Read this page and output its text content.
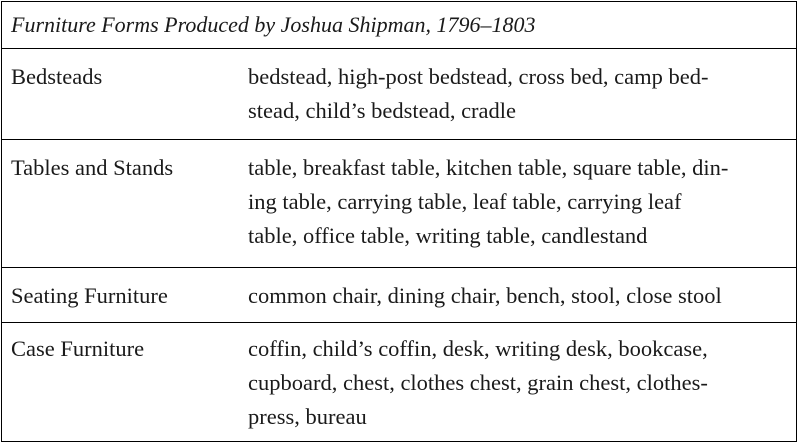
Furniture Forms Produced by Joshua Shipman, 1796–1803
Bedsteads	bedstead, high-post bedstead, cross bed, camp bed-
stead, child’s bedstead, cradle
Tables and Stands	table, breakfast table, kitchen table, square table, din-
ing table, carrying table, leaf table, carrying leaf
table, office table, writing table, candlestand
Seating Furniture	common chair, dining chair, bench, stool, close stool
Case Furniture	coffin, child’s coffin, desk, writing desk, bookcase,
cupboard, chest, clothes chest, grain chest, clothes-
press, bureau
